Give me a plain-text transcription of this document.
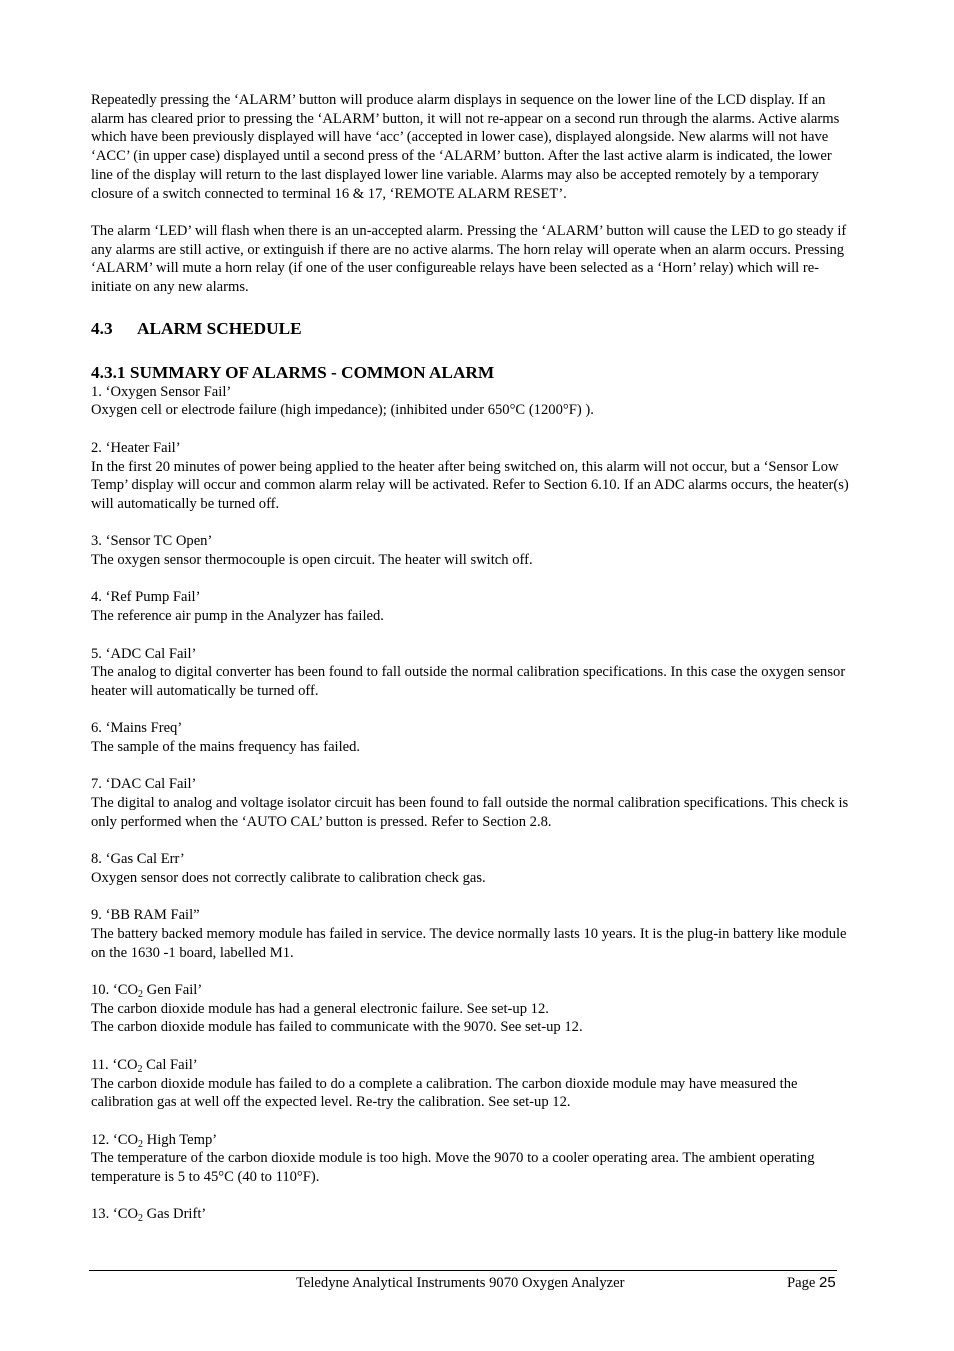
Repeatedly pressing the ‘ALARM’ button will produce alarm displays in sequence on the lower line of the LCD display. If an alarm has cleared prior to pressing the ‘ALARM’ button, it will not re-appear on a second run through the alarms. Active alarms which have been previously displayed will have ‘acc’ (accepted in lower case), displayed alongside. New alarms will not have ‘ACC’ (in upper case) displayed until a second press of the ‘ALARM’ button. After the last active alarm is indicated, the lower line of the display will return to the last displayed lower line variable. Alarms may also be accepted remotely by a temporary closure of a switch connected to terminal 16 & 17, ‘REMOTE ALARM RESET’.

The alarm ‘LED’ will flash when there is an un-accepted alarm. Pressing the ‘ALARM’ button will cause the LED to go steady if any alarms are still active, or extinguish if there are no active alarms. The horn relay will operate when an alarm occurs. Pressing ‘ALARM’ will mute a horn relay (if one of the user configureable relays have been selected as a ‘Horn’ relay) which will re-initiate on any new alarms.

4.3 ALARM SCHEDULE
4.3.1 SUMMARY OF ALARMS - COMMON ALARM

1. ‘Oxygen Sensor Fail’

Oxygen cell or electrode failure (high impedance); (inhibited under 650°C (1200°F) ).

2. ‘Heater Fail’

In the first 20 minutes of power being applied to the heater after being switched on, this alarm will not occur, but a ‘Sensor Low Temp’ display will occur and common alarm relay will be activated. Refer to Section 6.10. If an ADC alarms occurs, the heater(s) will automatically be turned off.

3. ‘Sensor TC Open’

The oxygen sensor thermocouple is open circuit. The heater will switch off.

4. ‘Ref Pump Fail’

The reference air pump in the Analyzer has failed.

5. ‘ADC Cal Fail’

The analog to digital converter has been found to fall outside the normal calibration specifications. In this case the oxygen sensor heater will automatically be turned off.

6. ‘Mains Freq’

The sample of the mains frequency has failed.

7. ‘DAC Cal Fail’

The digital to analog and voltage isolator circuit has been found to fall outside the normal calibration specifications. This check is only performed when the ‘AUTO CAL’ button is pressed. Refer to Section 2.8.

8. ‘Gas Cal Err’

Oxygen sensor does not correctly calibrate to calibration check gas.

9. ‘BB RAM Fail”

The battery backed memory module has failed in service. The device normally lasts 10 years. It is the plug-in battery like module on the 1630 -1 board, labelled M1.

10. ‘$CO_2$ Gen Fail’

The carbon dioxide module has had a general electronic failure. See set-up 12.

The carbon dioxide module has failed to communicate with the 9070. See set-up 12.

11. ‘$CO_2$ Cal Fail’

The carbon dioxide module has failed to do a complete a calibration. The carbon dioxide module may have measured the calibration gas at well off the expected level. Re-try the calibration. See set-up 12.

12. ‘$CO_2$ High Temp’

The temperature of the carbon dioxide module is too high. Move the 9070 to a cooler operating area. The ambient operating temperature is 5 to 45°C (40 to 110°F).

13. ‘$CO_2$ Gas Drift’

Teledyne Analytical Instruments 9070 Oxygen Analyzer	Page 25
